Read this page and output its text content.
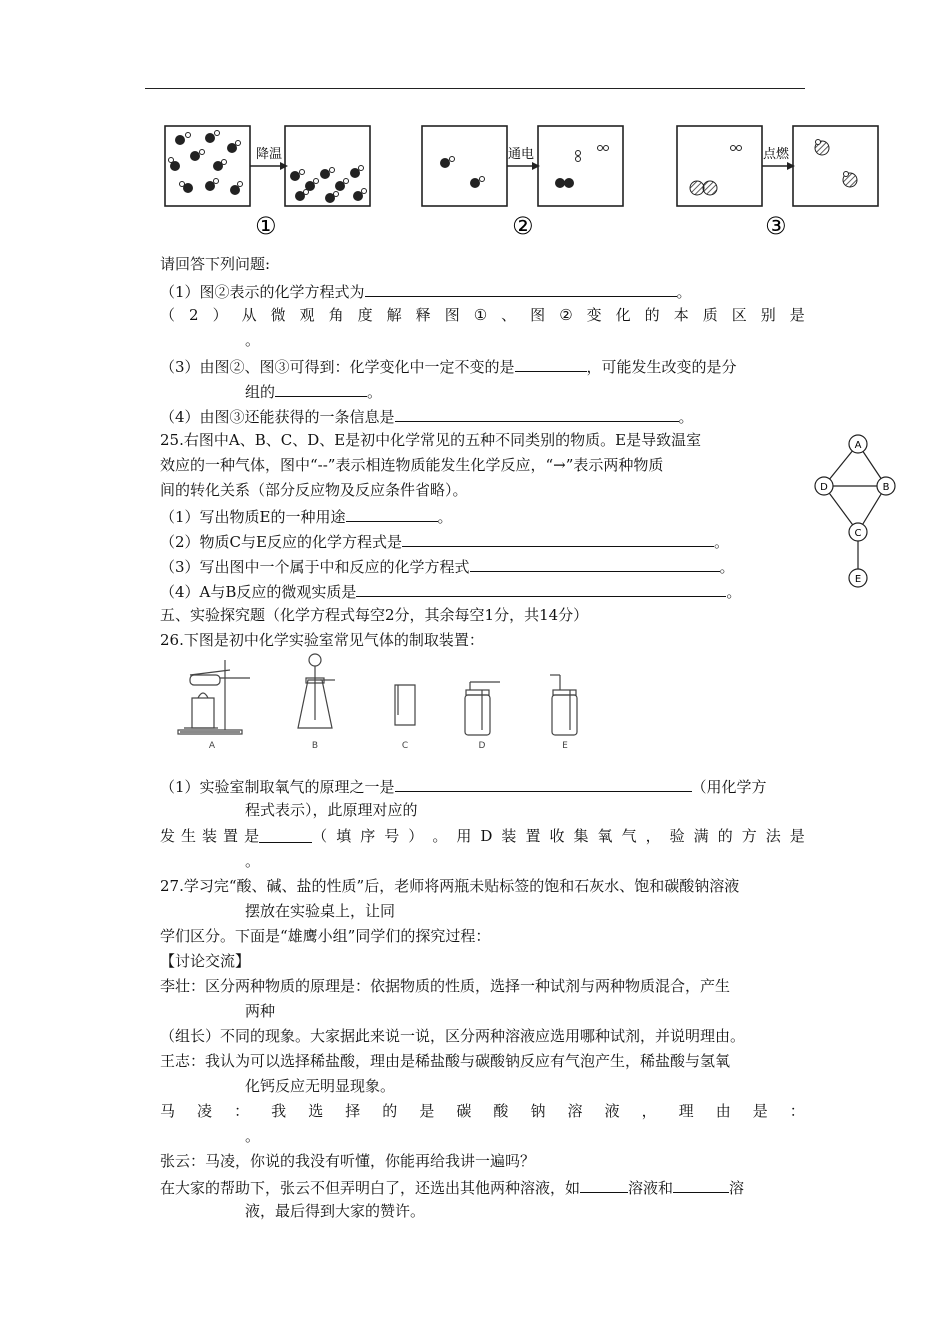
降温
①
通电
②
点燃
③
请回答下列问题:
（1）图②表示的化学方程式为	。
（ 2 ） 从 微 观 角 度 解 释 图 ① 、 图 ② 变 化 的 本 质 区 别 是
。
（3）由图②、图③可得到：化学变化中一定不变的是	，可能发生改变的是分
组的	。
（4）由图③还能获得的一条信息是	。
25.右图中A、B、C、D、E是初中化学常见的五种不同类别的物质。E是导致温室
效应的一种气体，图中“--”表示相连物质能发生化学反应，“→”表示两种物质
间的转化关系（部分反应物及反应条件省略）。
（1）写出物质E的一种用途	。
（2）物质C与E反应的化学方程式是	。
（3）写出图中一个属于中和反应的化学方程式	。
（4）A与B反应的微观实质是	。
A
B
C
D
E
五、实验探究题（化学方程式每空2分，其余每空1分，共14分）
26.下图是初中化学实验室常见气体的制取装置：
A	B	C	D	E
（1）实验室制取氧气的原理之一是	（用化学方
程式表示），此原理对应的
发 生 装 置 是	（ 填 序 号 ） 。 用 D 装 置 收 集 氧 气 ， 验 满 的 方 法 是
。
27.学习完“酸、碱、盐的性质”后，老师将两瓶未贴标签的饱和石灰水、饱和碳酸钠溶液
摆放在实验桌上，让同
学们区分。下面是“雄鹰小组”同学们的探究过程：
【讨论交流】
李壮：区分两种物质的原理是：依据物质的性质，选择一种试剂与两种物质混合，产生
两种
（组长）不同的现象。大家据此来说一说，区分两种溶液应选用哪种试剂，并说明理由。
王志：我认为可以选择稀盐酸，理由是稀盐酸与碳酸钠反应有气泡产生，稀盐酸与氢氧
化钙反应无明显现象。
马 凌 ： 我 选 择 的 是 碳 酸 钠 溶 液 ， 理 由 是 ：
。
张云：马凌，你说的我没有听懂，你能再给我讲一遍吗？
在大家的帮助下，张云不但弄明白了，还选出其他两种溶液，如	溶液和	溶
液，最后得到大家的赞许。
